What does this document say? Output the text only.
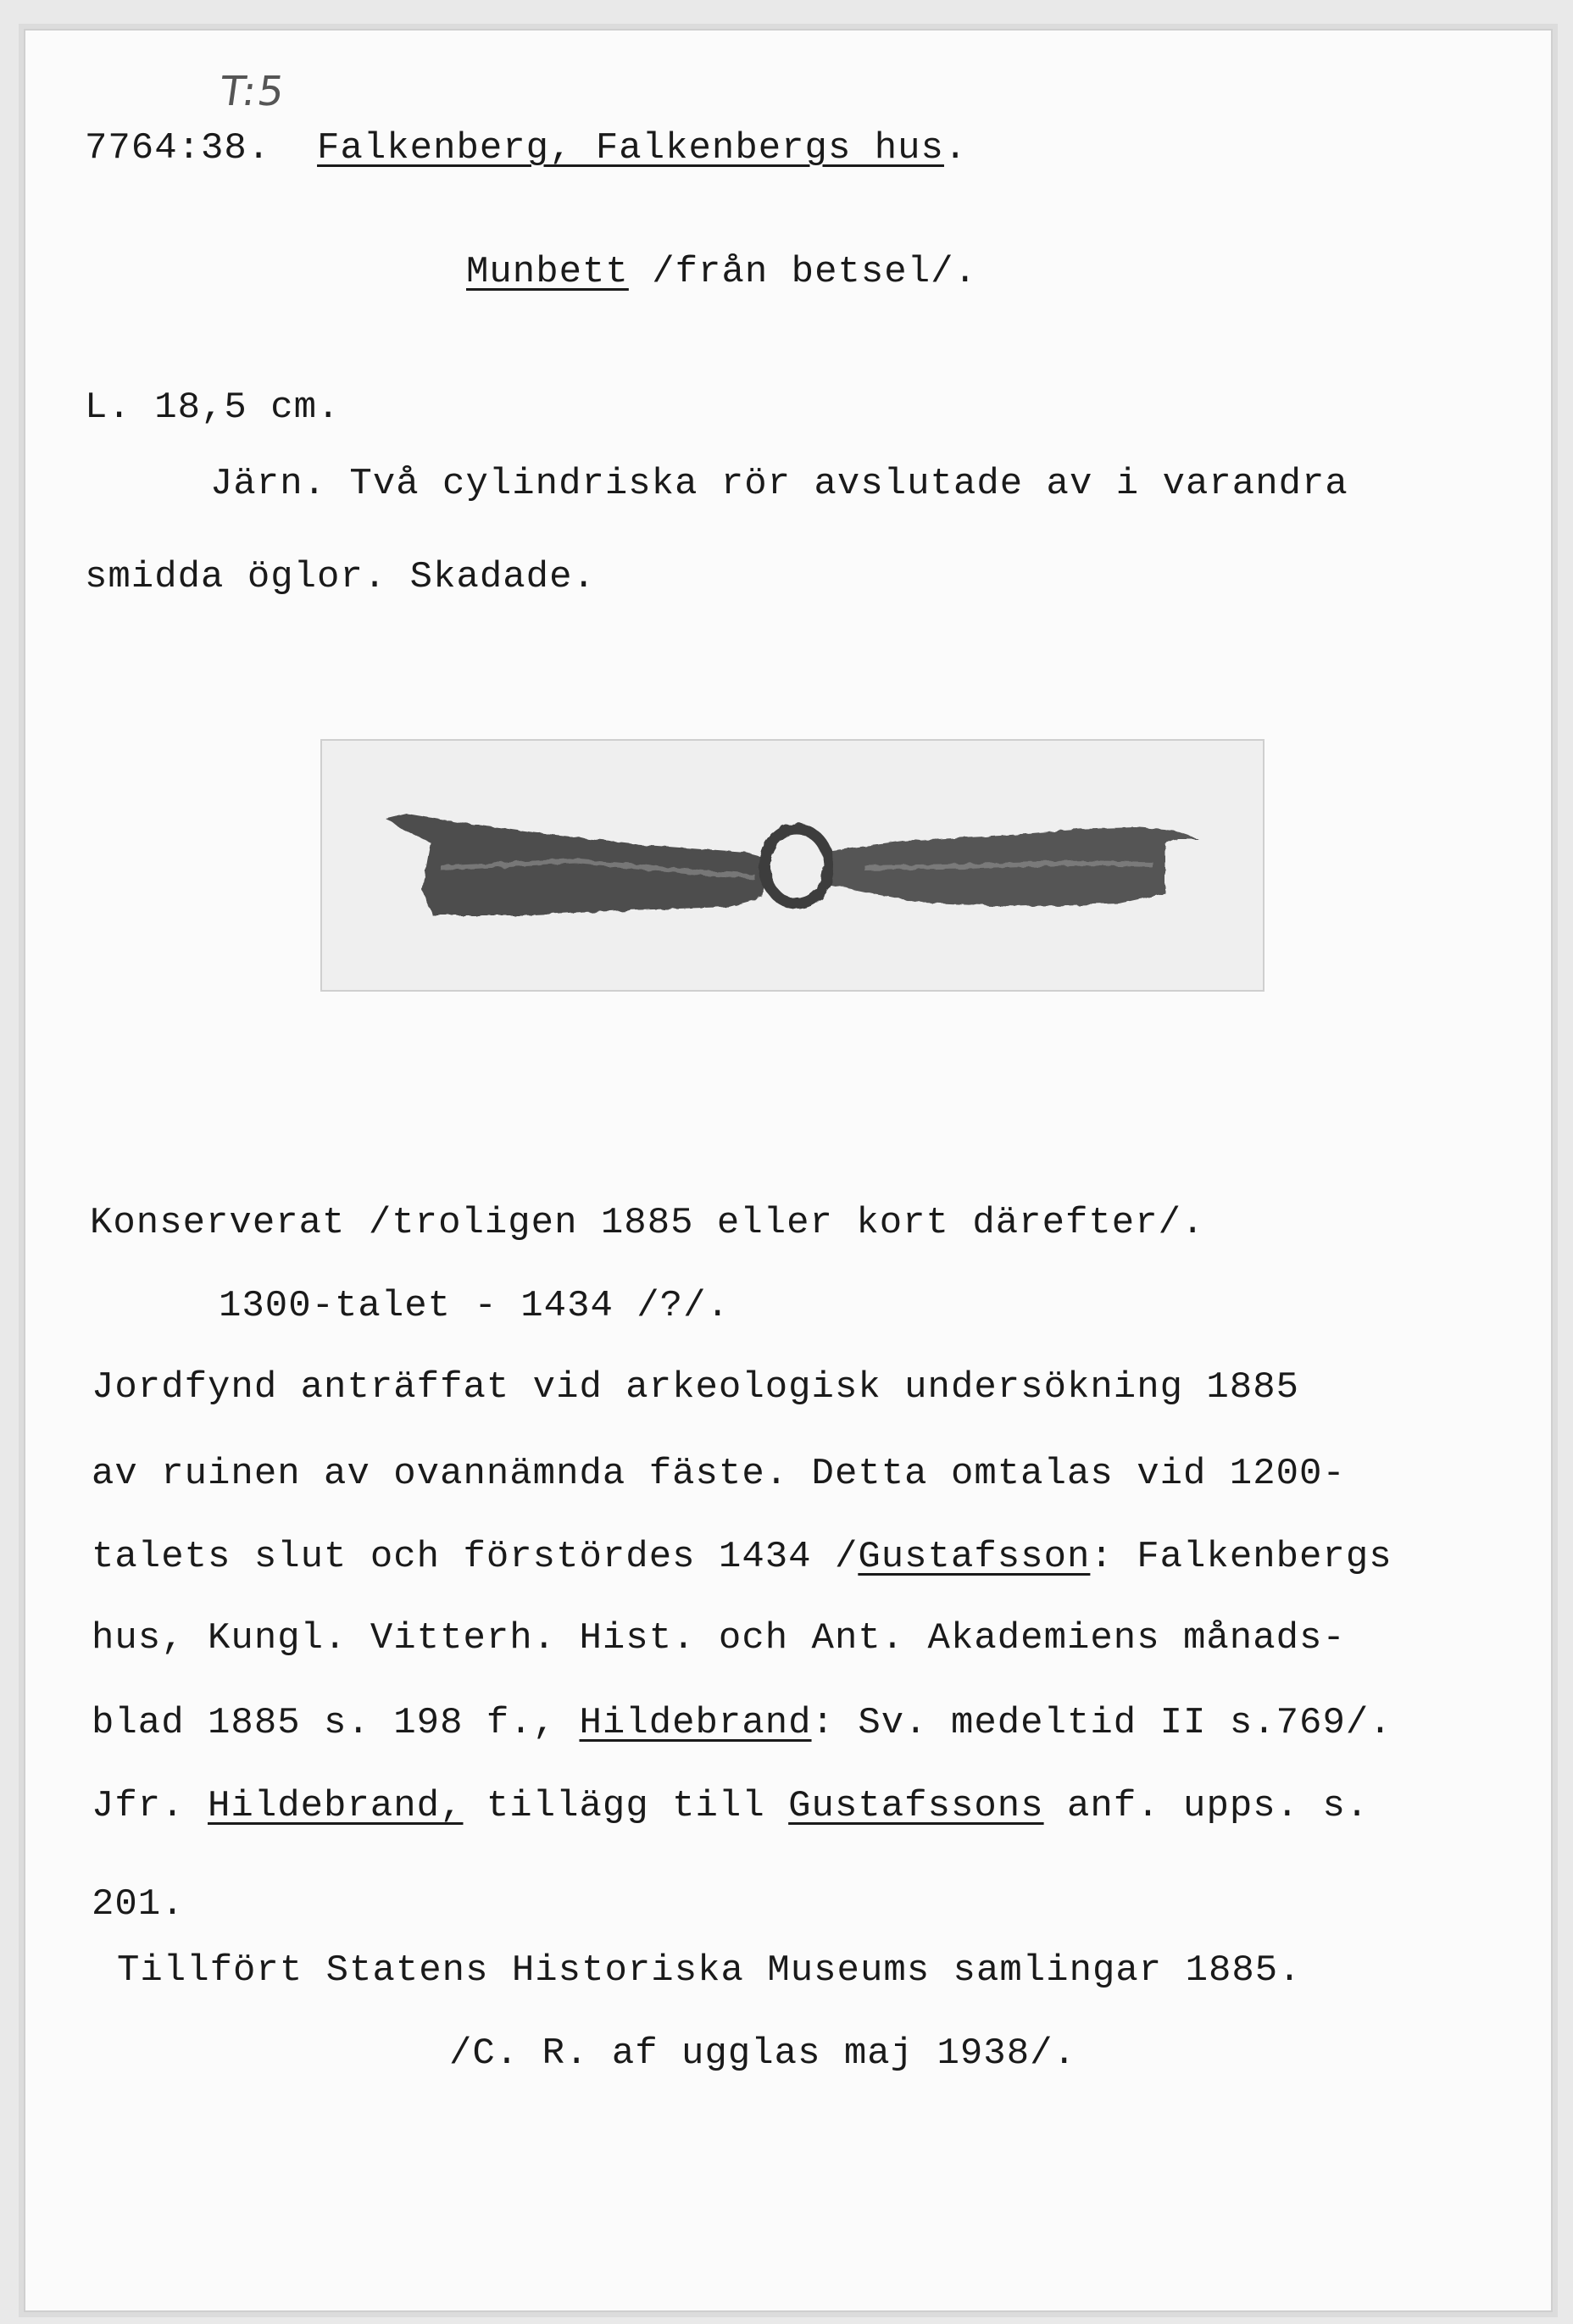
T:5
7764:38. Falkenberg, Falkenbergs hus.
Munbett /från betsel/.
L. 18,5 cm.
Järn. Två cylindriska rör avslutade av i varandra
smidda öglor. Skadade.
Konserverat /troligen 1885 eller kort därefter/.
1300-talet - 1434 /?/.
Jordfynd anträffat vid arkeologisk undersökning 1885
av ruinen av ovannämnda fäste. Detta omtalas vid 1200-
talets slut och förstördes 1434 /Gustafsson: Falkenbergs
hus, Kungl. Vitterh. Hist. och Ant. Akademiens månads-
blad 1885 s. 198 f., Hildebrand: Sv. medeltid II s.769/.
Jfr. Hildebrand, tillägg till Gustafssons anf. upps. s.
201.
Tillfört Statens Historiska Museums samlingar 1885.
/C. R. af ugglas maj 1938/.
